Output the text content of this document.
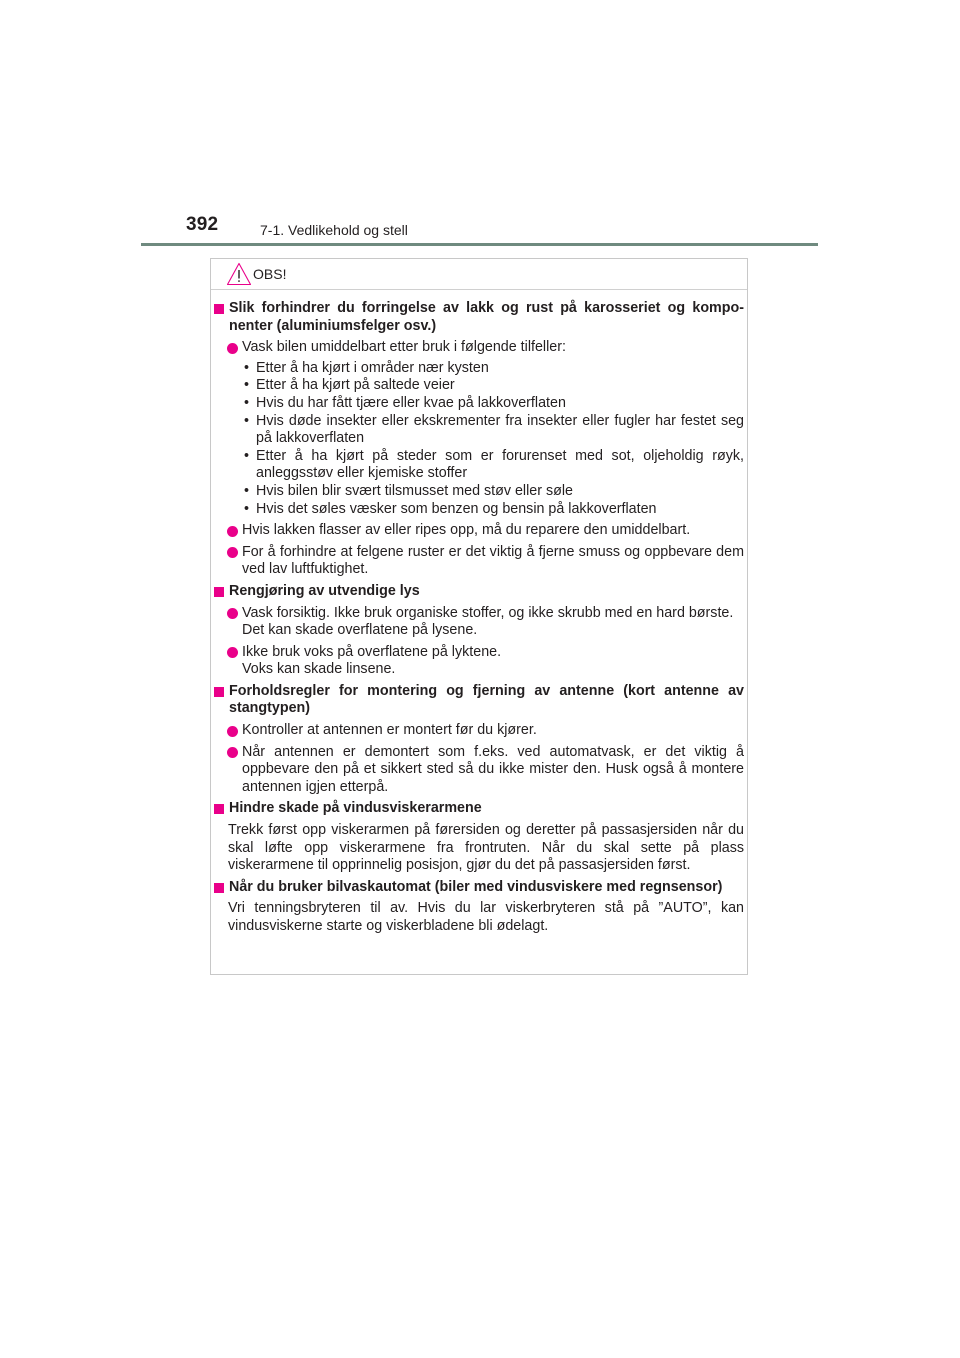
392	7-1. Vedlikehold og stell
OBS!
Slik forhindrer du forringelse av lakk og rust på karosseriet og kompo-nenter (aluminiumsfelger osv.)
Vask bilen umiddelbart etter bruk i følgende tilfeller:
• Etter å ha kjørt i områder nær kysten
• Etter å ha kjørt på saltede veier
• Hvis du har fått tjære eller kvae på lakkoverflaten
• Hvis døde insekter eller ekskrementer fra insekter eller fugler har festet seg på lakkoverflaten
• Etter å ha kjørt på steder som er forurenset med sot, oljeholdig røyk, anleggsstøv eller kjemiske stoffer
• Hvis bilen blir svært tilsmusset med støv eller søle
• Hvis det søles væsker som benzen og bensin på lakkoverflaten
Hvis lakken flasser av eller ripes opp, må du reparere den umiddelbart.
For å forhindre at felgene ruster er det viktig å fjerne smuss og oppbevare dem ved lav luftfuktighet.
Rengjøring av utvendige lys
Vask forsiktig. Ikke bruk organiske stoffer, og ikke skrubb med en hard børste.
Det kan skade overflatene på lysene.
Ikke bruk voks på overflatene på lyktene.
Voks kan skade linsene.
Forholdsregler for montering og fjerning av antenne (kort antenne av stangtypen)
Kontroller at antennen er montert før du kjører.
Når antennen er demontert som f.eks. ved automatvask, er det viktig å oppbevare den på et sikkert sted så du ikke mister den. Husk også å montere antennen igjen etterpå.
Hindre skade på vindusviskerarmene
Trekk først opp viskerarmen på førersiden og deretter på passasjersiden når du skal løfte opp viskerarmene fra frontruten. Når du skal sette på plass viskerarmene til opprinnelig posisjon, gjør du det på passasjersiden først.
Når du bruker bilvaskautomat (biler med vindusviskere med regnsensor)
Vri tenningsbryteren til av. Hvis du lar viskerbryteren stå på ”AUTO”, kan vindusviskerne starte og viskerbladene bli ødelagt.
